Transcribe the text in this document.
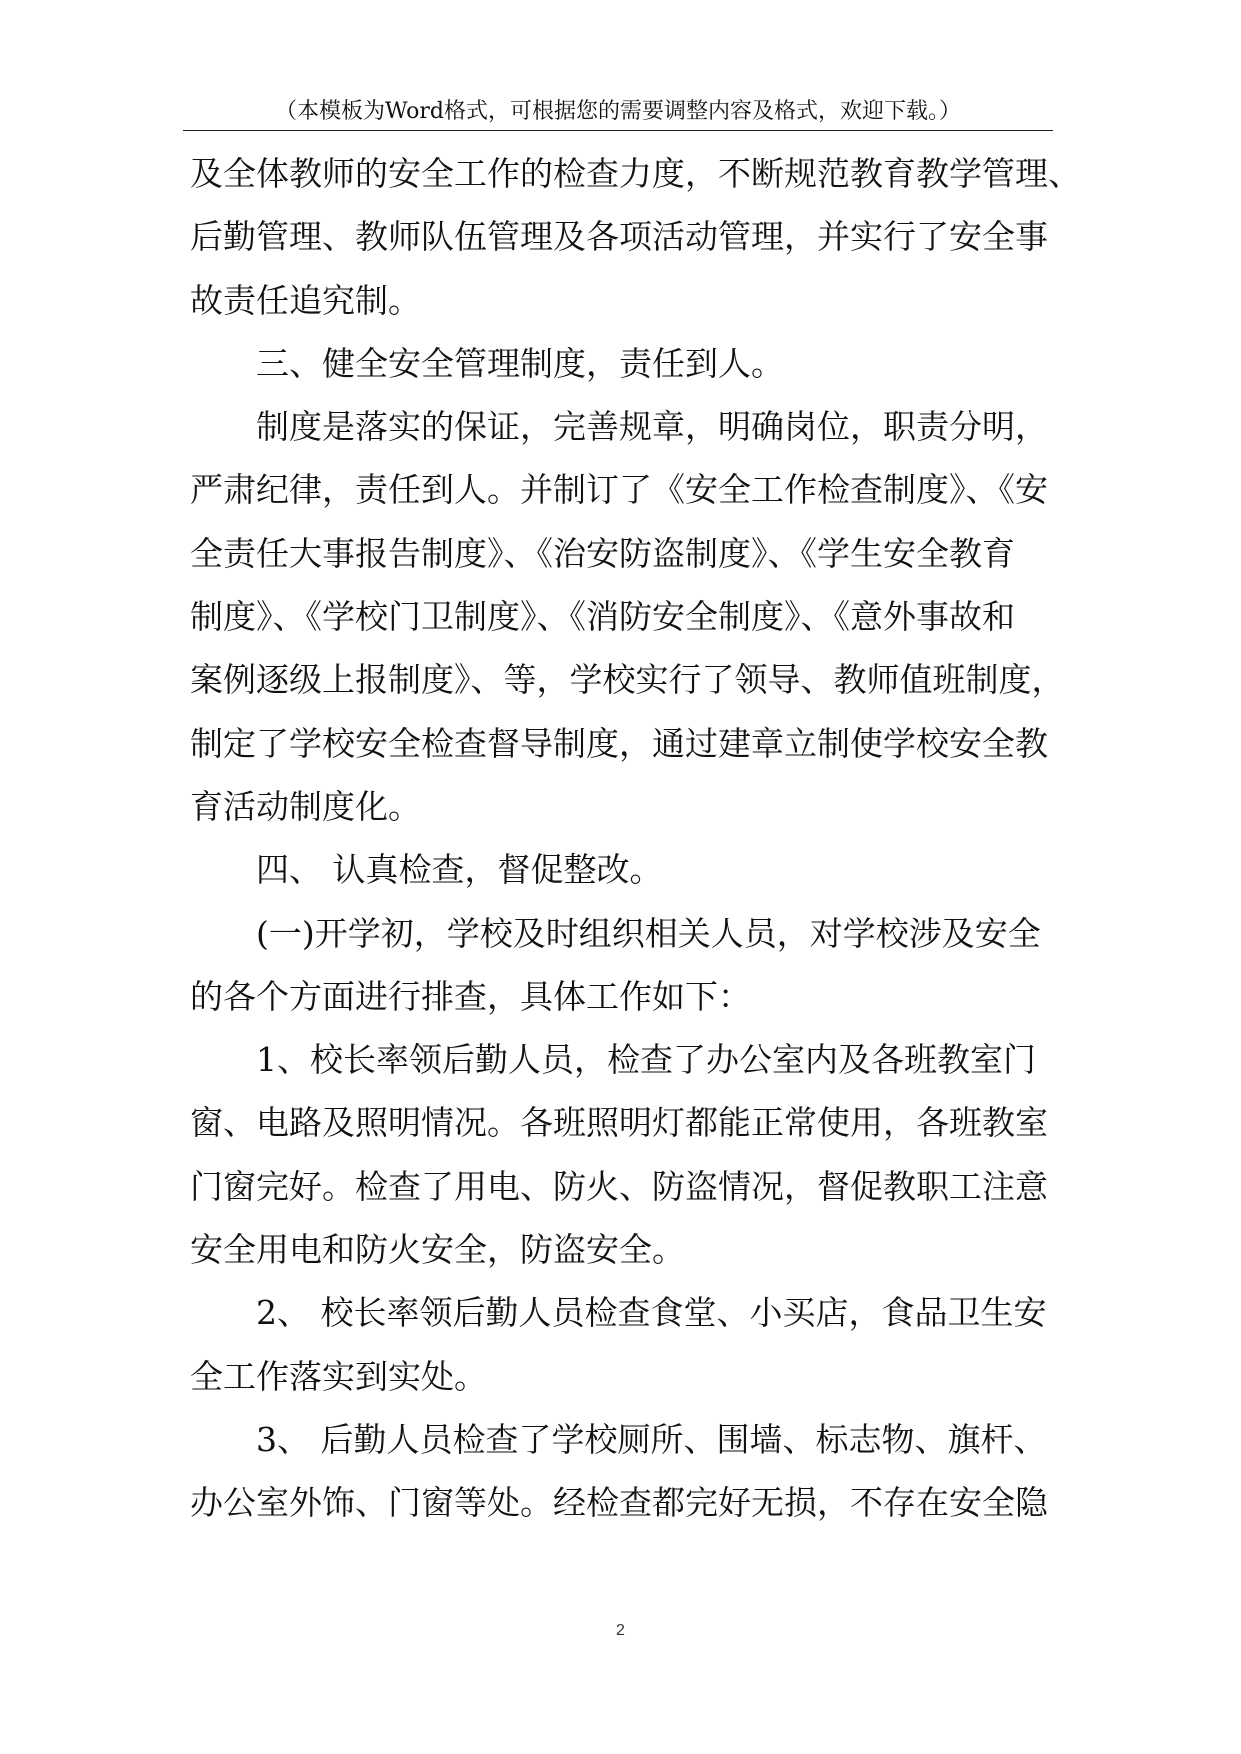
（本模板为Word格式，可根据您的需要调整内容及格式，欢迎下载。）
及全体教师的安全工作的检查力度，不断规范教育教学管理、
后勤管理、教师队伍管理及各项活动管理，并实行了安全事
故责任追究制。
三、健全安全管理制度，责任到人。
制度是落实的保证，完善规章，明确岗位，职责分明，
严肃纪律，责任到人。并制订了《安全工作检查制度》、《安
全责任大事报告制度》、《治安防盗制度》、《学生安全教育
制度》、《学校门卫制度》、《消防安全制度》、《意外事故和
案例逐级上报制度》、等，学校实行了领导、教师值班制度，
制定了学校安全检查督导制度，通过建章立制使学校安全教
育活动制度化。
四、 认真检查，督促整改。
(一)开学初，学校及时组织相关人员，对学校涉及安全
的各个方面进行排查，具体工作如下：
1、校长率领后勤人员，检查了办公室内及各班教室门
窗、电路及照明情况。各班照明灯都能正常使用，各班教室
门窗完好。检查了用电、防火、防盗情况，督促教职工注意
安全用电和防火安全，防盗安全。
2、 校长率领后勤人员检查食堂、小买店，食品卫生安
全工作落实到实处。
3、 后勤人员检查了学校厕所、围墙、标志物、旗杆、
办公室外饰、门窗等处。经检查都完好无损，不存在安全隐
2
